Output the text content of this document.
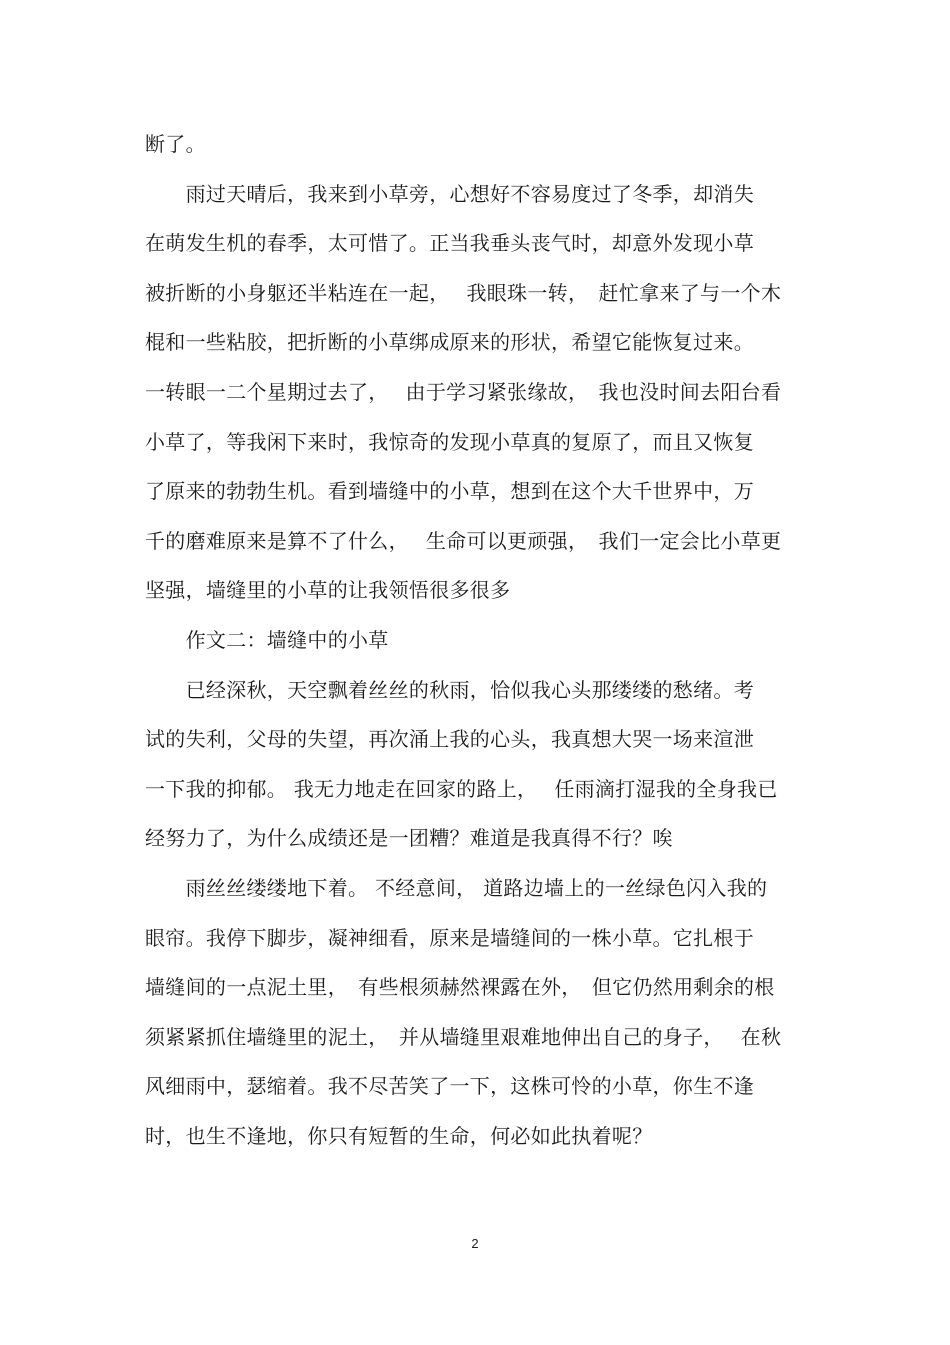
断了。
　　雨过天晴后，我来到小草旁，心想好不容易度过了冬季，却消失
在萌发生机的春季，太可惜了。正当我垂头丧气时，却意外发现小草
被折断的小身躯还半粘连在一起，　 我眼珠一转，　赶忙拿来了与一个木
棍和一些粘胶，把折断的小草绑成原来的形状，希望它能恢复过来。
一转眼一二个星期过去了，　 由于学习紧张缘故，　我也没时间去阳台看
小草了，等我闲下来时，我惊奇的发现小草真的复原了，而且又恢复
了原来的勃勃生机。看到墙缝中的小草，想到在这个大千世界中，万
千的磨难原来是算不了什么，　 生命可以更顽强，　我们一定会比小草更
坚强，墙缝里的小草的让我领悟很多很多
　　作文二：墙缝中的小草
　　已经深秋，天空飘着丝丝的秋雨，恰似我心头那缕缕的愁绪。考
试的失利，父母的失望，再次涌上我的心头，我真想大哭一场来渲泄
一下我的抑郁。 我无力地走在回家的路上，　 任雨滴打湿我的全身我已
经努力了，为什么成绩还是一团糟？难道是我真得不行？唉
　　雨丝丝缕缕地下着。 不经意间， 道路边墙上的一丝绿色闪入我的
眼帘。我停下脚步，凝神细看，原来是墙缝间的一株小草。它扎根于
墙缝间的一点泥土里，　有些根须赫然裸露在外，　但它仍然用剩余的根
须紧紧抓住墙缝里的泥土，　并从墙缝里艰难地伸出自己的身子，　 在秋
风细雨中，瑟缩着。我不尽苦笑了一下，这株可怜的小草，你生不逢
时，也生不逢地，你只有短暂的生命，何必如此执着呢？
2
